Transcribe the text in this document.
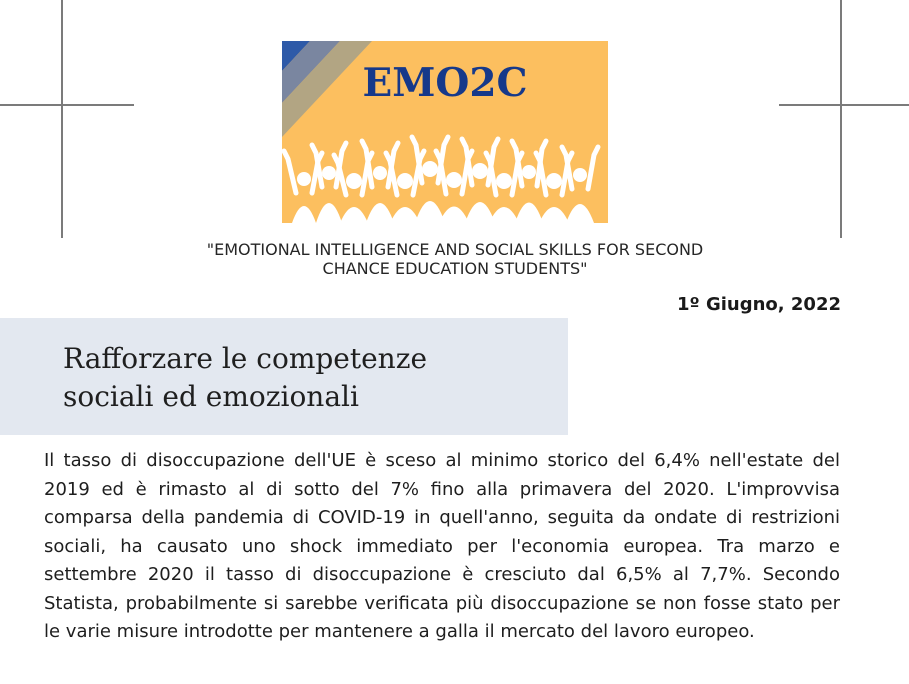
EMO2C
"EMOTIONAL INTELLIGENCE AND SOCIAL SKILLS FOR SECOND
CHANCE EDUCATION STUDENTS"
1º Giugno, 2022
Rafforzare le competenze
sociali ed emozionali
Il tasso di disoccupazione dell'UE è sceso al minimo storico del 6,4% nell'estate del 2019 ed è rimasto al di sotto del 7% fino alla primavera del 2020. L'improvvisa comparsa della pandemia di COVID-19 in quell'anno, seguita da ondate di restrizioni sociali, ha causato uno shock immediato per l'economia europea. Tra marzo e settembre 2020 il tasso di disoccupazione è cresciuto dal 6,5% al 7,7%. Secondo Statista, probabilmente si sarebbe verificata più disoccupazione se non fosse stato per le varie misure introdotte per mantenere a galla il mercato del lavoro europeo.
